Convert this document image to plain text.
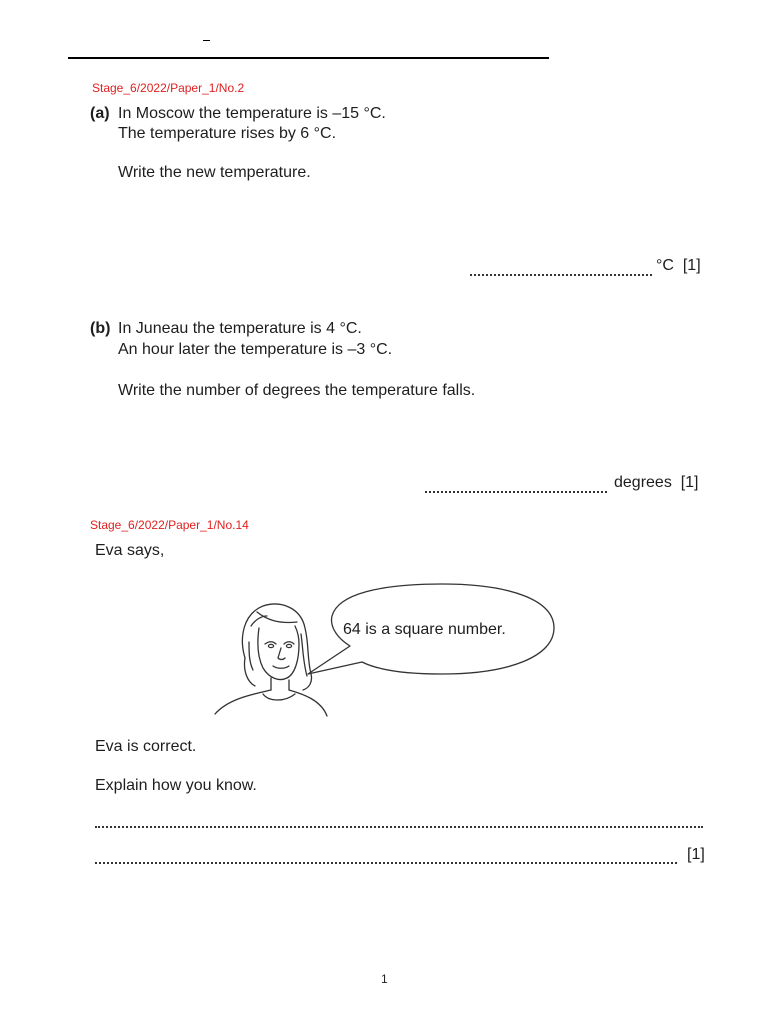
Stage_6/2022/Paper_1/No.2
(a) In Moscow the temperature is –15 °C.
The temperature rises by 6 °C.
Write the new temperature.
°C  [1]
(b) In Juneau the temperature is 4 °C.
An hour later the temperature is –3 °C.
Write the number of degrees the temperature falls.
degrees  [1]
Stage_6/2022/Paper_1/No.14
Eva says,
64 is a square number.
Eva is correct.
Explain how you know.
[1]
1
